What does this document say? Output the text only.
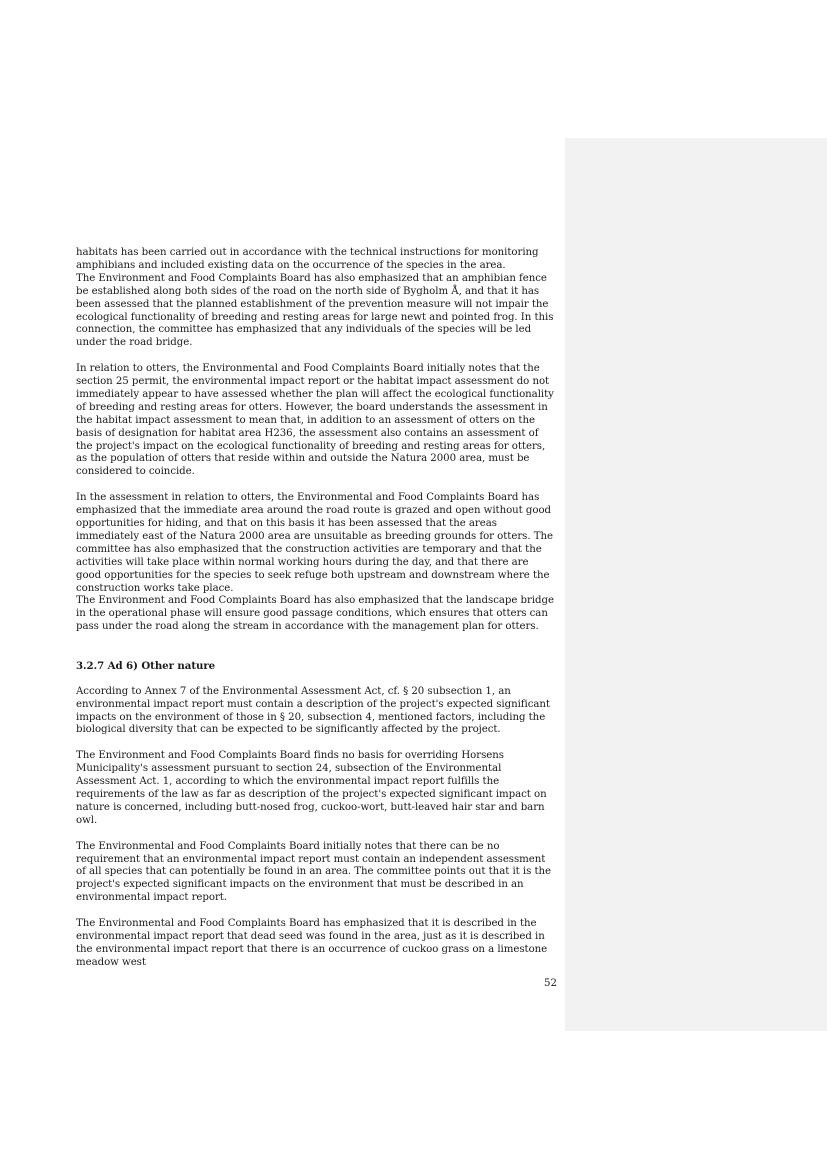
habitats has been carried out in accordance with the technical instructions for monitoring amphibians and included existing data on the occurrence of the species in the area.

The Environment and Food Complaints Board has also emphasized that an amphibian fence be established along both sides of the road on the north side of Bygholm Å, and that it has been assessed that the planned establishment of the prevention measure will not impair the ecological functionality of breeding and resting areas for large newt and pointed frog. In this connection, the committee has emphasized that any individuals of the species will be led under the road bridge.

In relation to otters, the Environmental and Food Complaints Board initially notes that the section 25 permit, the environmental impact report or the habitat impact assessment do not immediately appear to have assessed whether the plan will affect the ecological functionality of breeding and resting areas for otters. However, the board understands the assessment in the habitat impact assessment to mean that, in addition to an assessment of otters on the basis of designation for habitat area H236, the assessment also contains an assessment of the project's impact on the ecological functionality of breeding and resting areas for otters, as the population of otters that reside within and outside the Natura 2000 area, must be considered to coincide.

In the assessment in relation to otters, the Environmental and Food Complaints Board has emphasized that the immediate area around the road route is grazed and open without good opportunities for hiding, and that on this basis it has been assessed that the areas immediately east of the Natura 2000 area are unsuitable as breeding grounds for otters. The committee has also emphasized that the construction activities are temporary and that the activities will take place within normal working hours during the day, and that there are good opportunities for the species to seek refuge both upstream and downstream where the construction works take place.

The Environment and Food Complaints Board has also emphasized that the landscape bridge in the operational phase will ensure good passage conditions, which ensures that otters can pass under the road along the stream in accordance with the management plan for otters.

3.2.7 Ad 6) Other nature

According to Annex 7 of the Environmental Assessment Act, cf. § 20 subsection 1, an environmental impact report must contain a description of the project's expected significant impacts on the environment of those in § 20, subsection 4, mentioned factors, including the biological diversity that can be expected to be significantly affected by the project.

The Environment and Food Complaints Board finds no basis for overriding Horsens Municipality's assessment pursuant to section 24, subsection of the Environmental Assessment Act. 1, according to which the environmental impact report fulfills the requirements of the law as far as description of the project's expected significant impact on nature is concerned, including butt-nosed frog, cuckoo-wort, butt-leaved hair star and barn owl.

The Environmental and Food Complaints Board initially notes that there can be no requirement that an environmental impact report must contain an independent assessment of all species that can potentially be found in an area. The committee points out that it is the project's expected significant impacts on the environment that must be described in an environmental impact report.

The Environmental and Food Complaints Board has emphasized that it is described in the environmental impact report that dead seed was found in the area, just as it is described in the environmental impact report that there is an occurrence of cuckoo grass on a limestone meadow west

52
